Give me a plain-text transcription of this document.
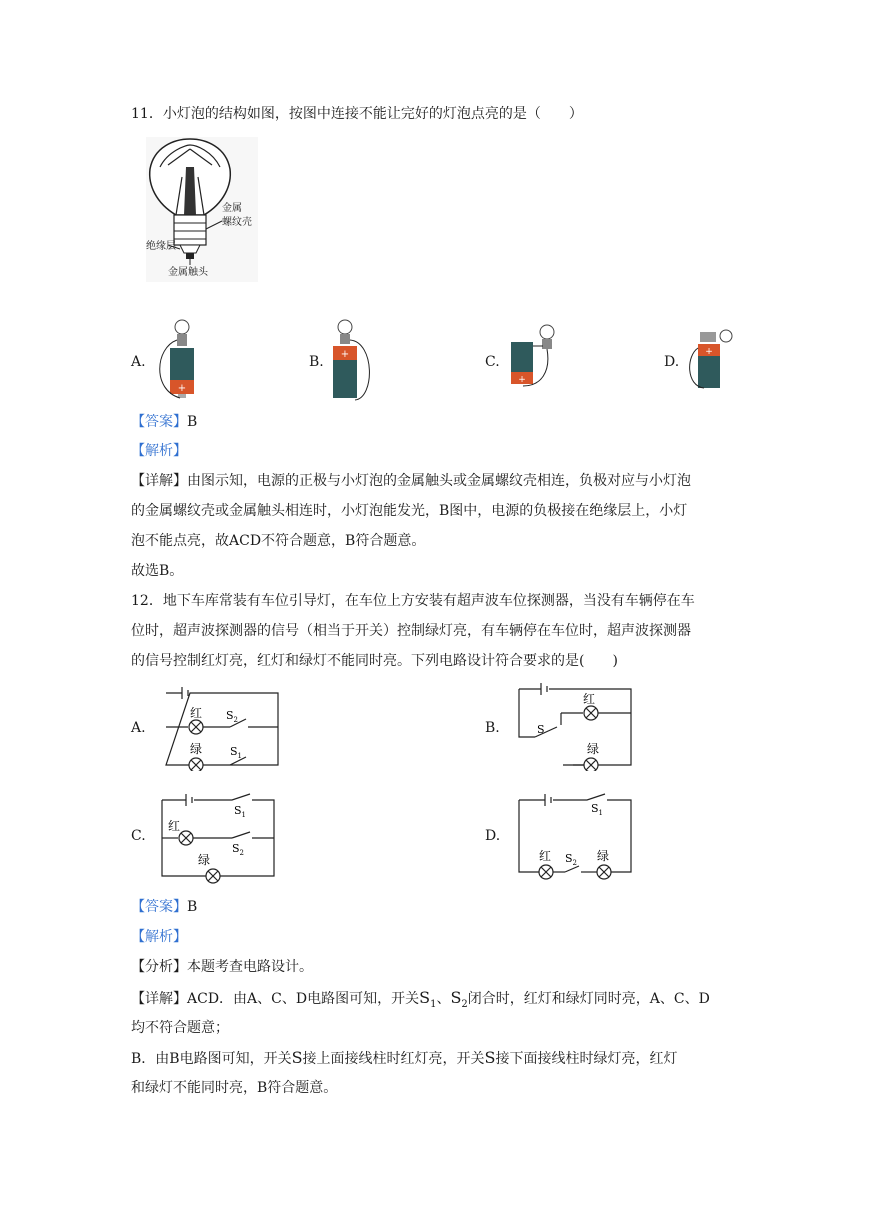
11．小灯泡的结构如图，按图中连接不能让完好的灯泡点亮的是（　　）
金属
螺纹壳
绝缘层
金属触头
A.
+
B. +	C.
+
D.
+
【答案】B
【解析】
【详解】由图示知，电源的正极与小灯泡的金属触头或金属螺纹壳相连，负极对应与小灯泡
的金属螺纹壳或金属触头相连时，小灯泡能发光，B图中，电源的负极接在绝缘层上，小灯
泡不能点亮，故ACD不符合题意，B符合题意。
故选B。
12．地下车库常装有车位引导灯，在车位上方安装有超声波车位探测器，当没有车辆停在车
位时，超声波探测器的信号（相当于开关）控制绿灯亮，有车辆停在车位时，超声波探测器
的信号控制红灯亮，红灯和绿灯不能同时亮。下列电路设计符合要求的是(　　)
A.
红
绿
$S_2$
$S_1$
B.
红
绿
S
C.
红
绿
$S_1$
$S_2$
D.
红	绿
$S_1$
$S_2$
【答案】B
【解析】
【分析】本题考查电路设计。
【详解】ACD．由A、C、D电路图可知，开关$S_1$、$S_2$闭合时，红灯和绿灯同时亮，A、C、D
均不符合题意；
B．由B电路图可知，开关S接上面接线柱时红灯亮，开关S接下面接线柱时绿灯亮，红灯
和绿灯不能同时亮，B符合题意。
